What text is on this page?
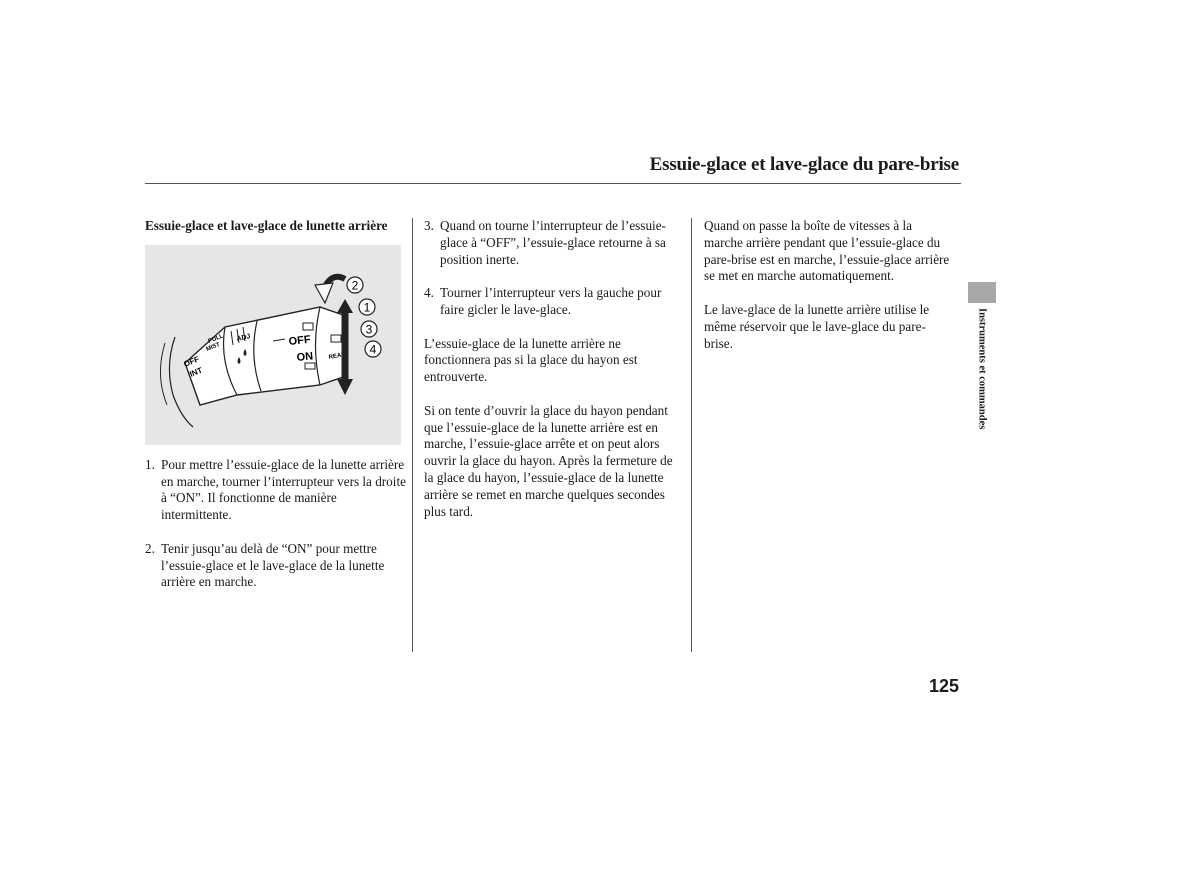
Essuie-glace et lave-glace du pare-brise
Essuie-glace et lave-glace de lunette arrière
MIST
PULL ADJ
OFF
INT
OFF
ON REAR
2
1
3
4
1. Pour mettre l’essuie-glace de la lunette arrière en marche, tourner l’interrupteur vers la droite à “ON”. Il fonctionne de manière intermittente.
2. Tenir jusqu’au delà de “ON” pour mettre l’essuie-glace et le lave-glace de la lunette arrière en marche.
3. Quand on tourne l’interrupteur de l’essuie-glace à “OFF”, l’essuie-glace retourne à sa position inerte.
4. Tourner l’interrupteur vers la gauche pour faire gicler le lave-glace.

L’essuie-glace de la lunette arrière ne fonctionnera pas si la glace du hayon est entrouverte.

Si on tente d’ouvrir la glace du hayon pendant que l’essuie-glace de la lunette arrière est en marche, l’essuie-glace arrête et on peut alors ouvrir la glace du hayon. Après la fermeture de la glace du hayon, l’essuie-glace de la lunette arrière se remet en marche quelques secondes plus tard.

Quand on passe la boîte de vitesses à la marche arrière pendant que l’essuie-glace du pare-brise est en marche, l’essuie-glace arrière se met en marche automatiquement.

Le lave-glace de la lunette arrière utilise le même réservoir que le lave-glace du pare-brise.	Instruments et commandes
125
